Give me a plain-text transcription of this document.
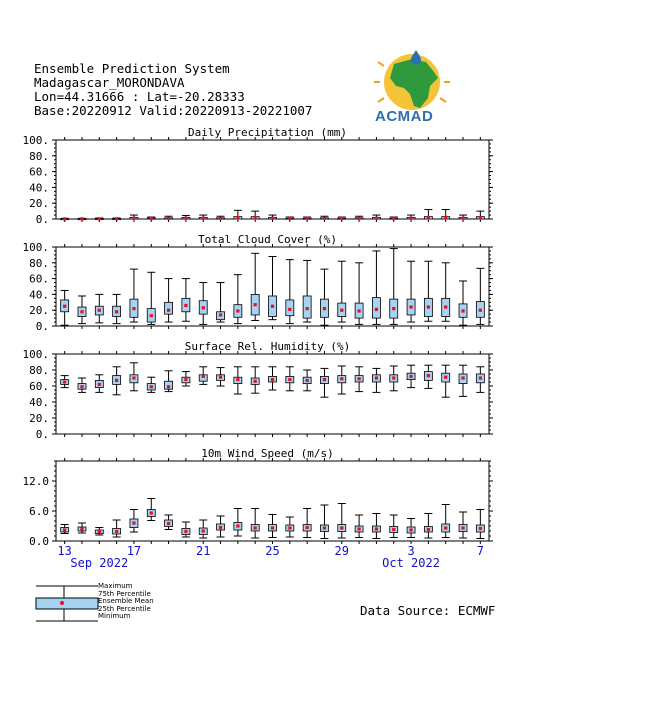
Ensemble Prediction System
Madagascar_MORONDAVA
Lon=44.31666 : Lat=-20.28333
Base:20220912 Valid:20220913-20221007	ACMAD
Daily Precipitation (mm)
0.
20.
40.
60.
80.
100.
Total Cloud Cover (%)
0.
20.
40.
60.
80.
100.
Surface Rel. Humidity (%)
0.
20.
40.
60.
80.
100.
10m Wind Speed (m/s)
0.0
6.0
12.0
13	17	21	25	29	3	7
Sep 2022	Oct 2022
Maximum
75th Percentile
Ensemble Mean
25th Percentile
Minimum	Data Source: ECMWF
